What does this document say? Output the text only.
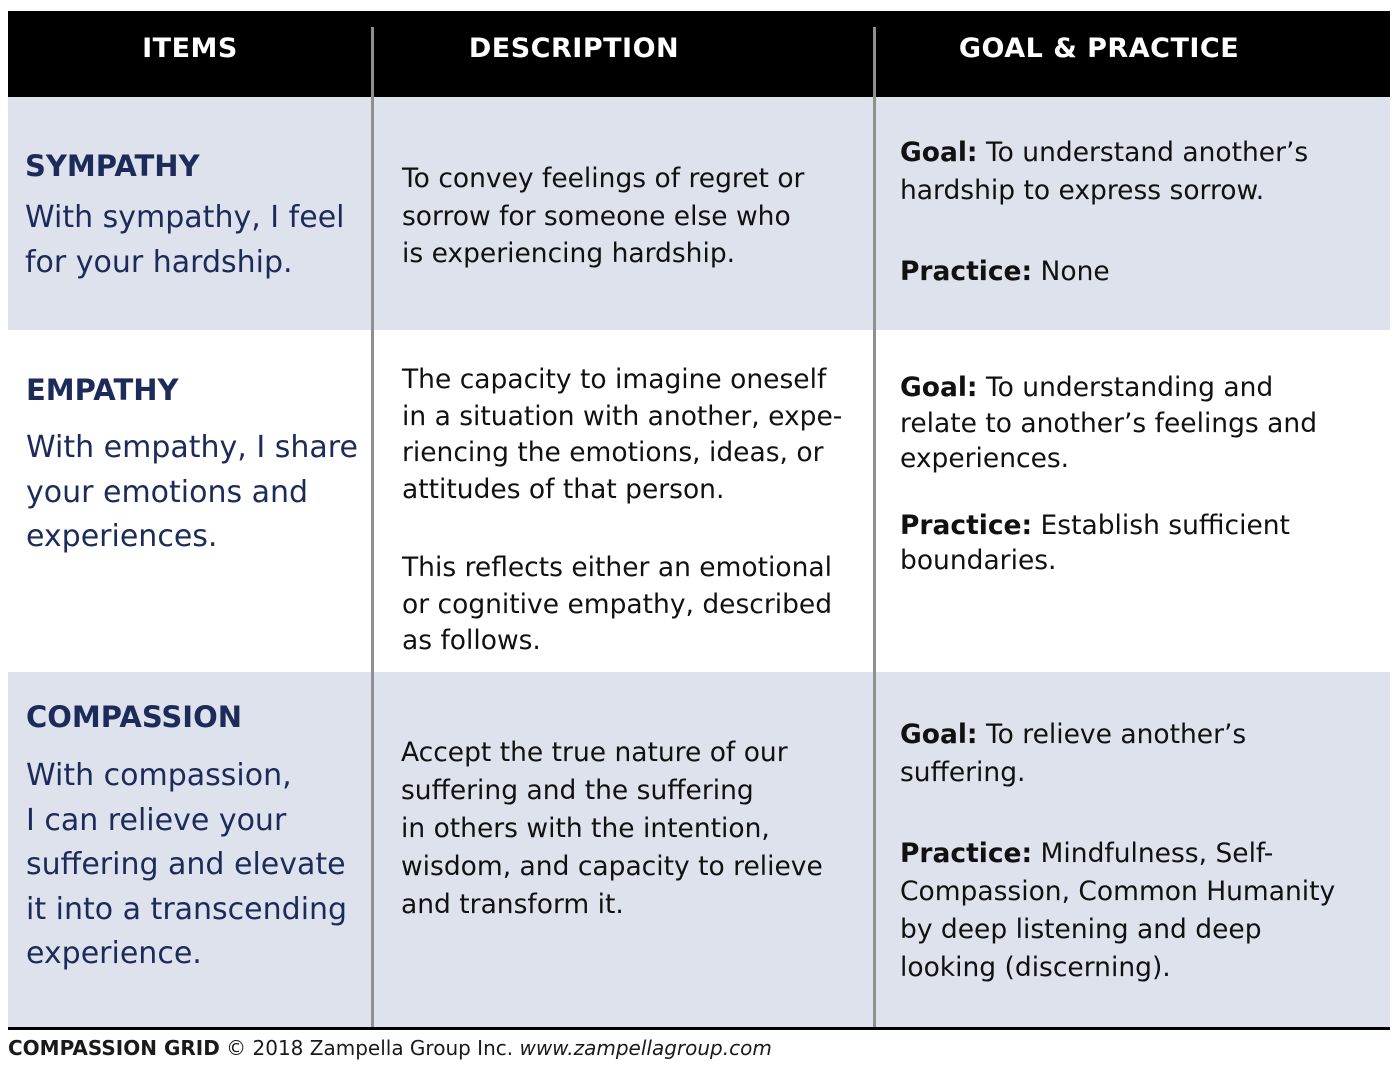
ITEMS	DESCRIPTION	GOAL & PRACTICE

SYMPATHY

With sympathy, I feel
for your hardship.

To convey feelings of regret or
sorrow for someone else who
is experiencing hardship.

Goal: To understand another’s
hardship to express sorrow.

Practice: None

EMPATHY

With empathy, I share
your emotions and
experiences.

The capacity to imagine oneself
in a situation with another, expe-
riencing the emotions, ideas, or
attitudes of that person.

This reflects either an emotional
or cognitive empathy, described
as follows.

Goal: To understanding and
relate to another’s feelings and
experiences.

Practice: Establish sufficient
boundaries.

COMPASSION

With compassion,
I can relieve your
suffering and elevate
it into a transcending
experience.

Accept the true nature of our
suffering and the suffering
in others with the intention,
wisdom, and capacity to relieve
and transform it.

Goal: To relieve another’s
suffering.

Practice: Mindfulness, Self-
Compassion, Common Humanity
by deep listening and deep
looking (discerning).

COMPASSION GRID © 2018 Zampella Group Inc. www.zampellagroup.com
